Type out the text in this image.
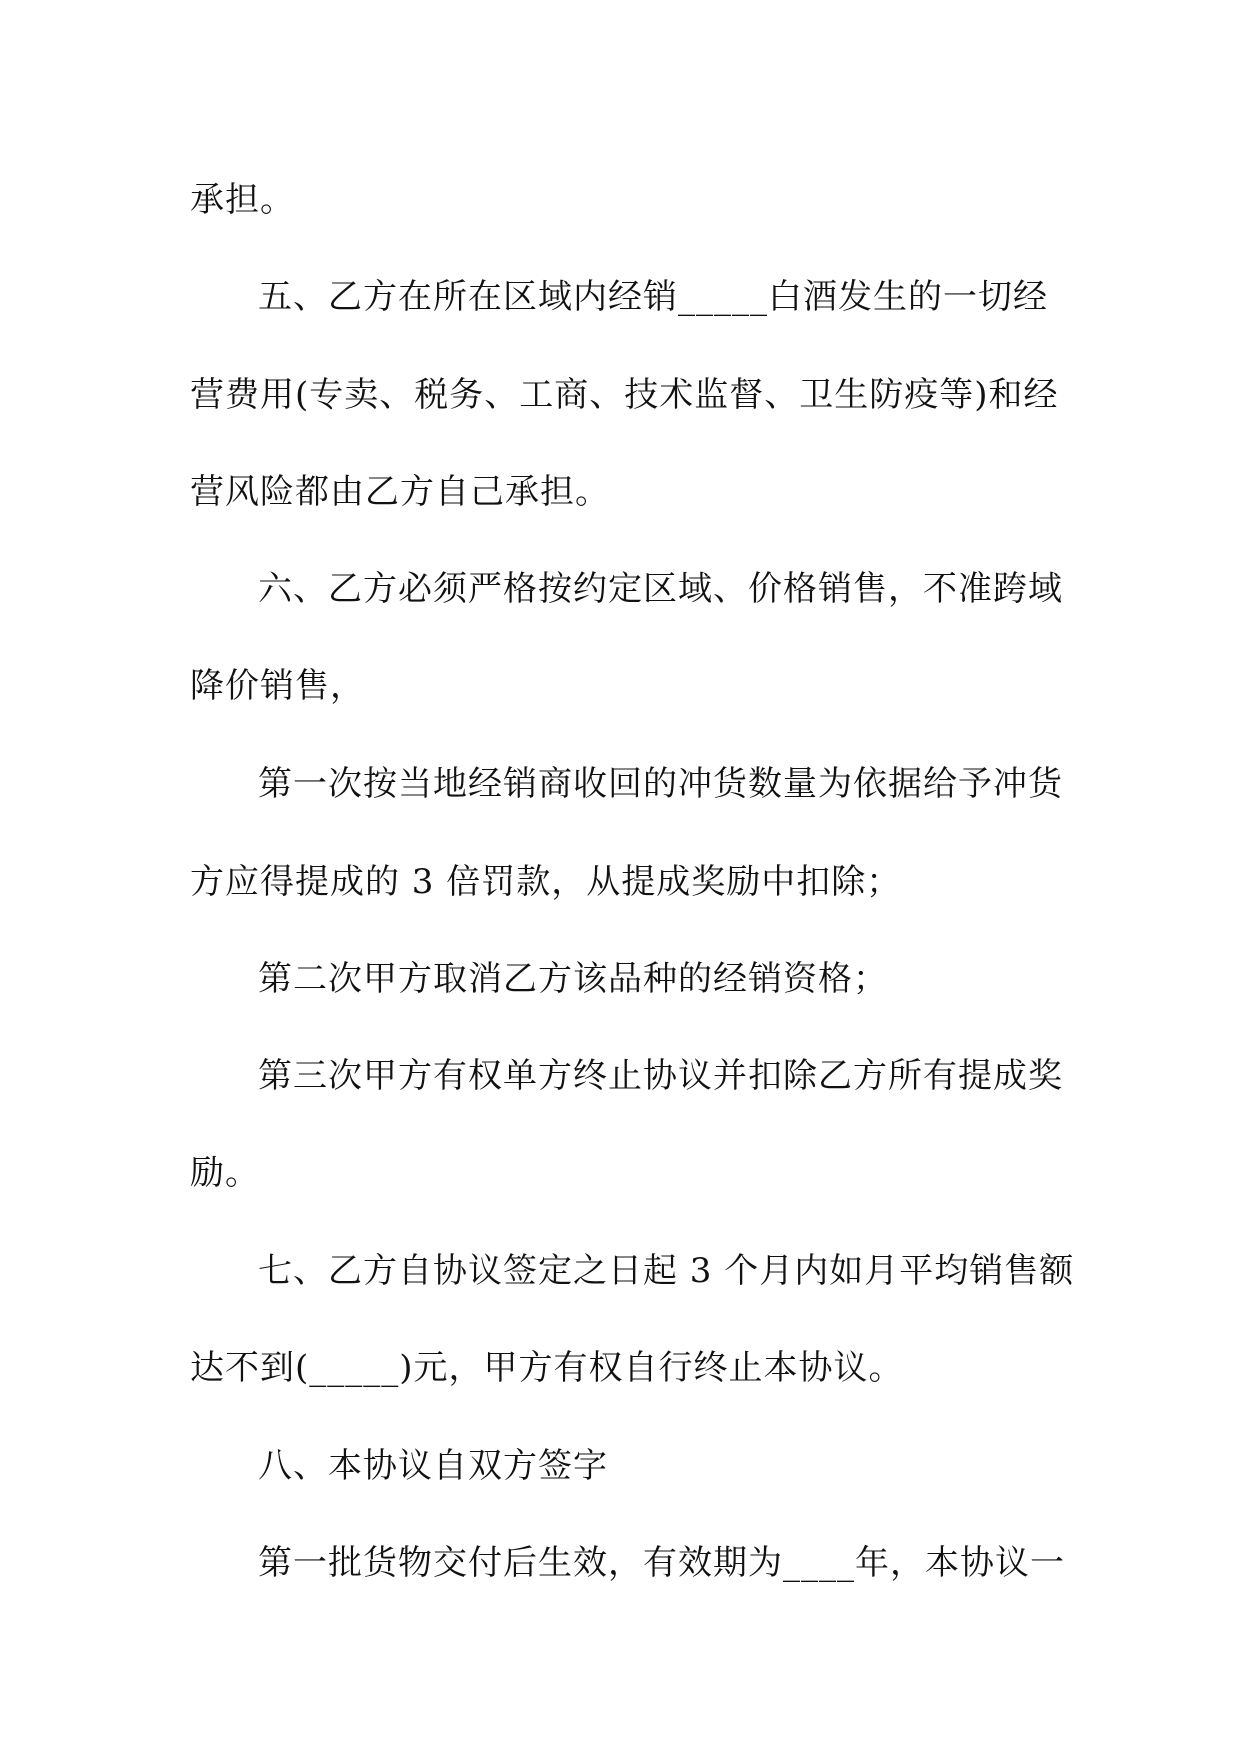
承担。
五、乙方在所在区域内经销_____白酒发生的一切经
营费用(专卖、税务、工商、技术监督、卫生防疫等)和经
营风险都由乙方自己承担。
六、乙方必须严格按约定区域、价格销售，不准跨域
降价销售，
第一次按当地经销商收回的冲货数量为依据给予冲货
方应得提成的 3 倍罚款，从提成奖励中扣除；
第二次甲方取消乙方该品种的经销资格；
第三次甲方有权单方终止协议并扣除乙方所有提成奖
励。
七、乙方自协议签定之日起 3 个月内如月平均销售额
达不到(_____)元，甲方有权自行终止本协议。
八、本协议自双方签字
第一批货物交付后生效，有效期为____年，本协议一
